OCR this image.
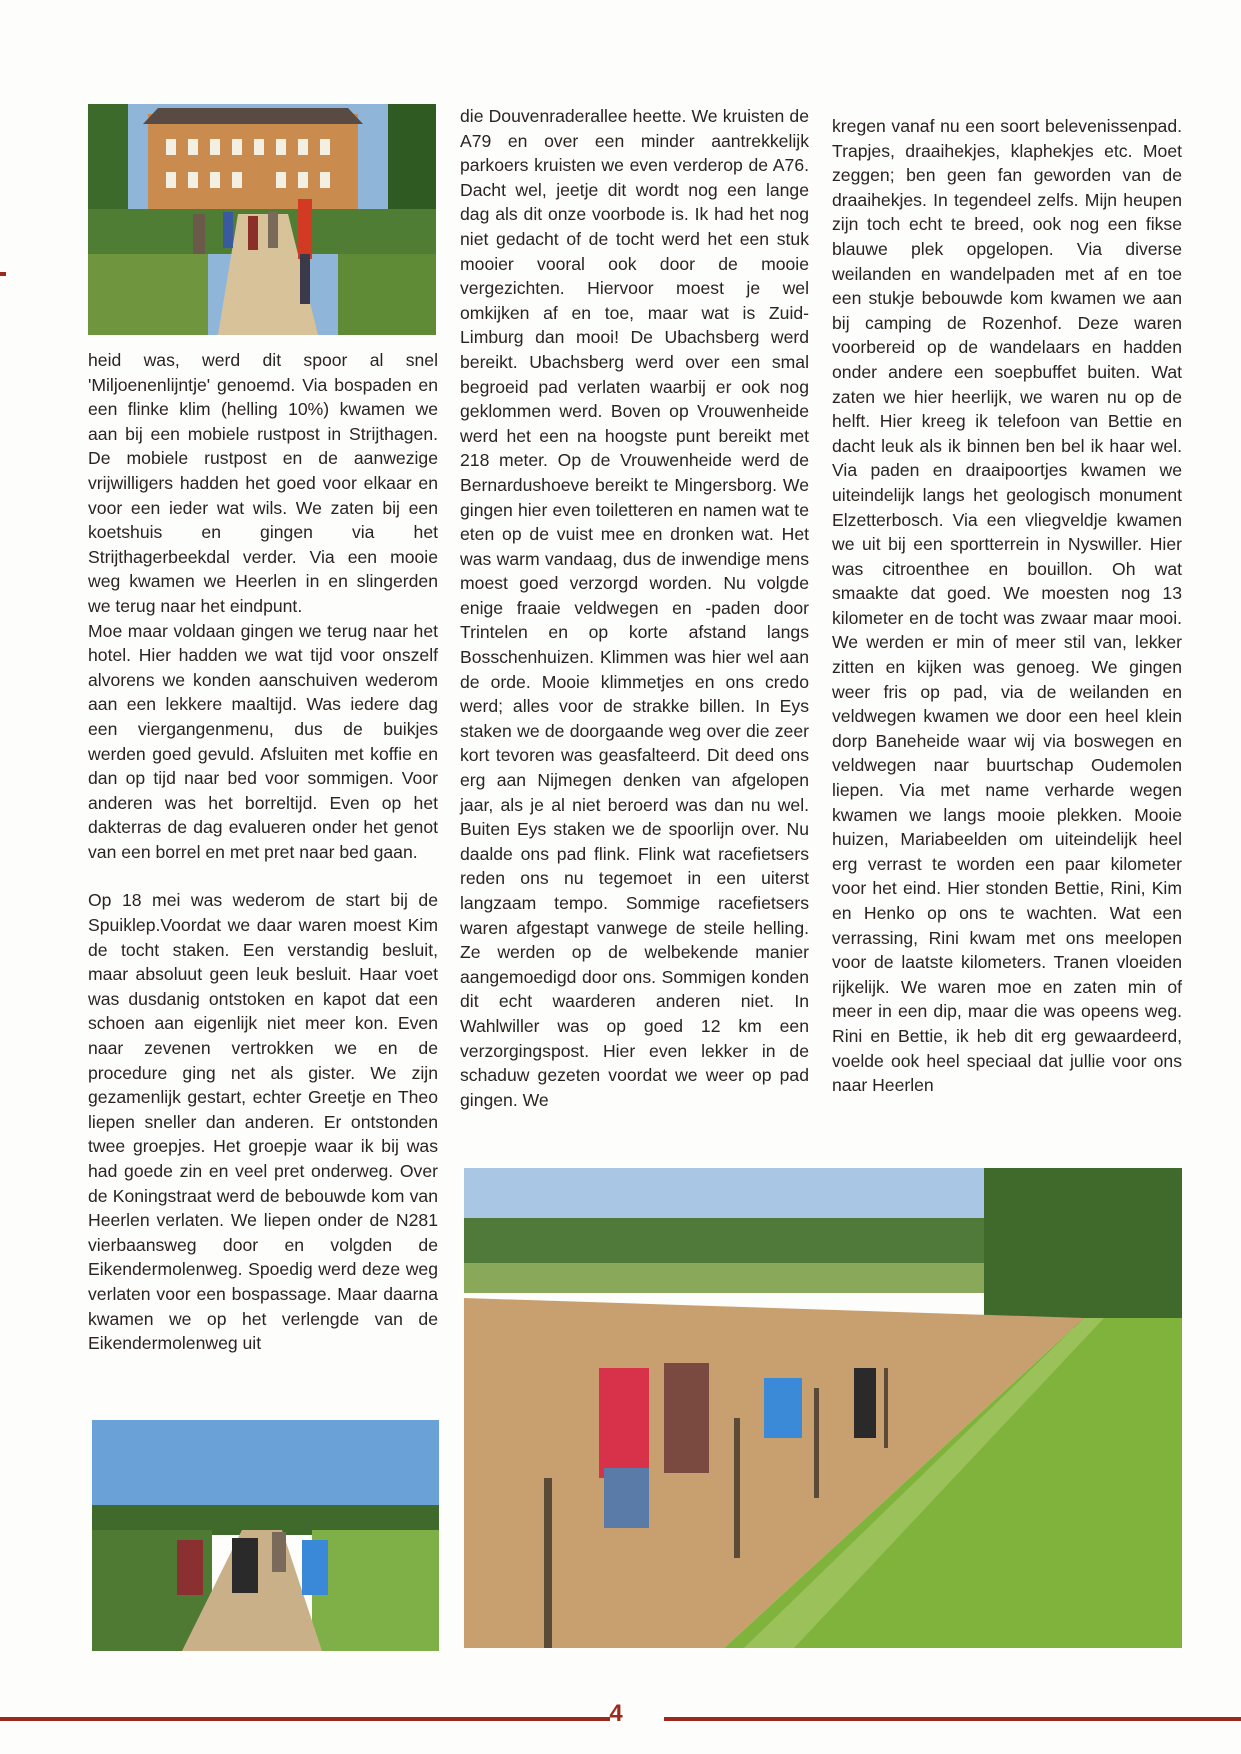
heid was, werd dit spoor al snel 'Miljoenenlijntje' genoemd. Via bospaden en een flinke klim (helling 10%) kwamen we aan bij een mobiele rustpost in Strijthagen. De mobiele rustpost en de aanwezige vrijwilligers hadden het goed voor elkaar en voor een ieder wat wils. We zaten bij een koetshuis en gingen via het Strijthagerbeekdal verder. Via een mooie weg kwamen we Heerlen in en slingerden we terug naar het eindpunt.

Moe maar voldaan gingen we terug naar het hotel. Hier hadden we wat tijd voor onszelf alvorens we konden aanschuiven wederom aan een lekkere maaltijd. Was iedere dag een viergangenmenu, dus de buikjes werden goed gevuld. Afsluiten met koffie en dan op tijd naar bed voor sommigen. Voor anderen was het borreltijd. Even op het dakterras de dag evalueren onder het genot van een borrel en met pret naar bed gaan.

Op 18 mei was wederom de start bij de Spuiklep.Voordat we daar waren moest Kim de tocht staken. Een verstandig besluit, maar absoluut geen leuk besluit. Haar voet was dusdanig ontstoken en kapot dat een schoen aan eigenlijk niet meer kon. Even naar zevenen vertrokken we en de procedure ging net als gister. We zijn gezamenlijk gestart, echter Greetje en Theo liepen sneller dan anderen. Er ontstonden twee groepjes. Het groepje waar ik bij was had goede zin en veel pret onderweg. Over de Koningstraat werd de bebouwde kom van Heerlen verlaten. We liepen onder de N281 vierbaansweg door en volgden de Eikendermolenweg. Spoedig werd deze weg verlaten voor een bospassage. Maar daarna kwamen we op het verlengde van de Eikendermolenweg uit

die Douvenraderallee heette. We kruisten de A79 en over een minder aantrekkelijk parkoers kruisten we even verderop de A76. Dacht wel, jeetje dit wordt nog een lange dag als dit onze voorbode is. Ik had het nog niet gedacht of de tocht werd het een stuk mooier vooral ook door de mooie vergezichten. Hiervoor moest je wel omkijken af en toe, maar wat is Zuid-Limburg dan mooi! De Ubachsberg werd bereikt. Ubachsberg werd over een smal begroeid pad verlaten waarbij er ook nog geklommen werd. Boven op Vrouwenheide werd het een na hoogste punt bereikt met 218 meter. Op de Vrouwenheide werd de Bernardushoeve bereikt te Mingersborg. We gingen hier even toiletteren en namen wat te eten op de vuist mee en dronken wat. Het was warm vandaag, dus de inwendige mens moest goed verzorgd worden. Nu volgde enige fraaie veldwegen en -paden door Trintelen en op korte afstand langs Bosschenhuizen. Klimmen was hier wel aan de orde. Mooie klimmetjes en ons credo werd; alles voor de strakke billen. In Eys staken we de doorgaande weg over die zeer kort tevoren was geasfalteerd. Dit deed ons erg aan Nijmegen denken van afgelopen jaar, als je al niet beroerd was dan nu wel. Buiten Eys staken we de spoorlijn over. Nu daalde ons pad flink. Flink wat racefietsers reden ons nu tegemoet in een uiterst langzaam tempo. Sommige racefietsers waren afgestapt vanwege de steile helling. Ze werden op de welbekende manier aangemoedigd door ons. Sommigen konden dit echt waarderen anderen niet. In Wahlwiller was op goed 12 km een verzorgingspost. Hier even lekker in de schaduw gezeten voordat we weer op pad gingen. We

kregen vanaf nu een soort belevenissenpad. Trapjes, draaihekjes, klaphekjes etc. Moet zeggen; ben geen fan geworden van de draaihekjes. In tegendeel zelfs. Mijn heupen zijn toch echt te breed, ook nog een fikse blauwe plek opgelopen. Via diverse weilanden en wandelpaden met af en toe een stukje bebouwde kom kwamen we aan bij camping de Rozenhof. Deze waren voorbereid op de wandelaars en hadden onder andere een soepbuffet buiten. Wat zaten we hier heerlijk, we waren nu op de helft. Hier kreeg ik telefoon van Bettie en dacht leuk als ik binnen ben bel ik haar wel. Via paden en draaipoortjes kwamen we uiteindelijk langs het geologisch monument Elzetterbosch. Via een vliegveldje kwamen we uit bij een sportterrein in Nyswiller. Hier was citroenthee en bouillon. Oh wat smaakte dat goed. We moesten nog 13 kilometer en de tocht was zwaar maar mooi. We werden er min of meer stil van, lekker zitten en kijken was genoeg. We gingen weer fris op pad, via de weilanden en veldwegen kwamen we door een heel klein dorp Baneheide waar wij via boswegen en veldwegen naar buurtschap Oudemolen liepen. Via met name verharde wegen kwamen we langs mooie plekken. Mooie huizen, Mariabeelden om uiteindelijk heel erg verrast te worden een paar kilometer voor het eind. Hier stonden Bettie, Rini, Kim en Henko op ons te wachten. Wat een verrassing, Rini kwam met ons meelopen voor de laatste kilometers. Tranen vloeiden rijkelijk. We waren moe en zaten min of meer in een dip, maar die was opeens weg. Rini en Bettie, ik heb dit erg gewaardeerd, voelde ook heel speciaal dat jullie voor ons naar Heerlen

4
